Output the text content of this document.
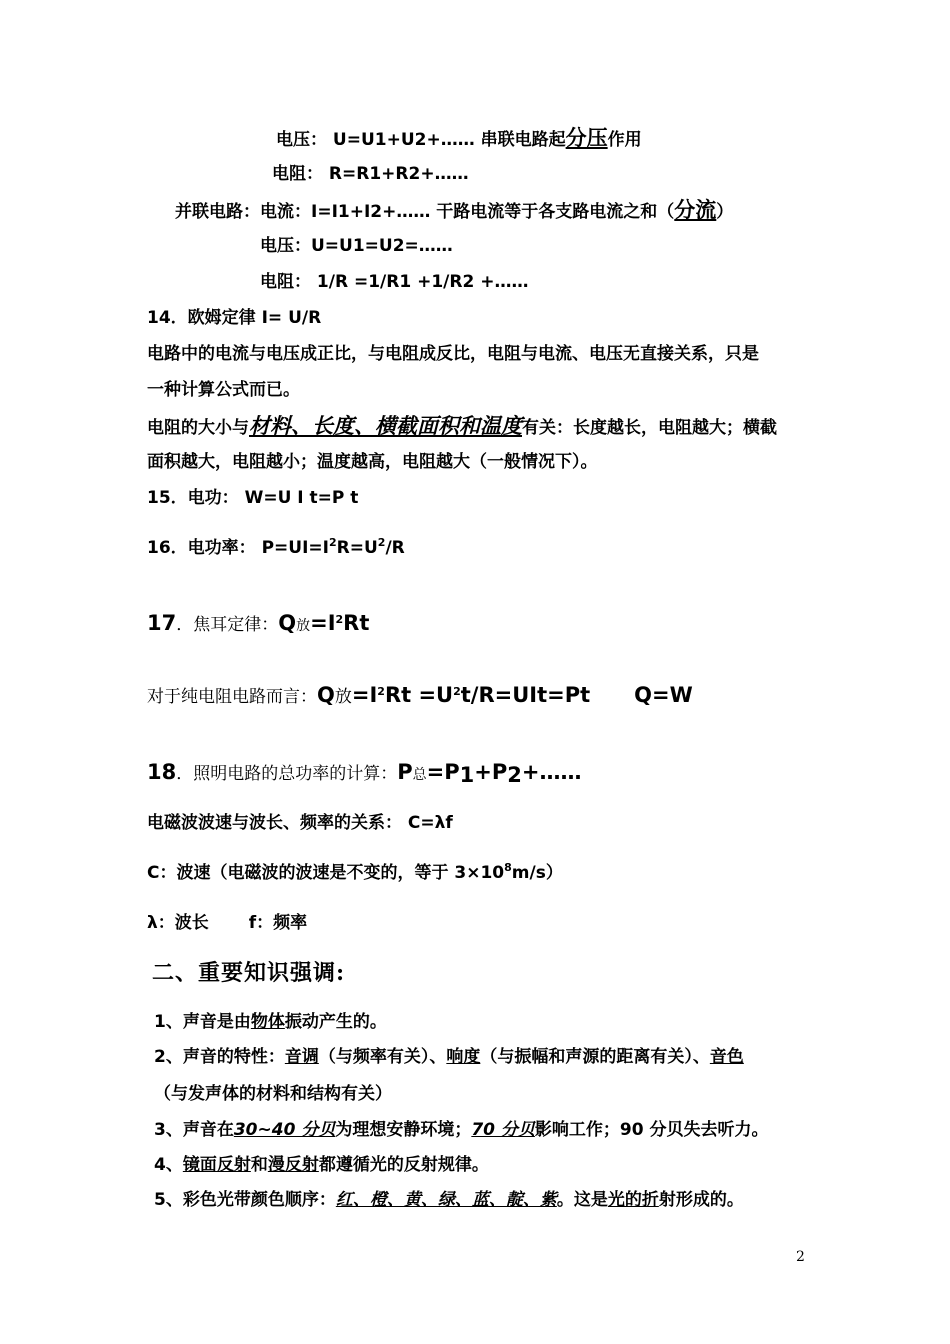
电压： U=U1+U2+…… 串联电路起分压作用
电阻： R=R1+R2+……
并联电路：电流：I=I1+I2+…… 干路电流等于各支路电流之和（分流）
电压：U=U1=U2=……
电阻： 1/R =1/R1 +1/R2 +……
14．欧姆定律 I= U/R
电路中的电流与电压成正比，与电阻成反比，电阻与电流、电压无直接关系，只是
一种计算公式而已。
电阻的大小与材料、长度、横截面积和温度有关：长度越长，电阻越大；横截
面积越大，电阻越小；温度越高，电阻越大（一般情况下）。
15．电功： W=U I t=P t
16．电功率： $P=UI=I^2R=U^2/R$
17．焦耳定律：Q放$=I^2Rt$
对于纯电阻电路而言：Q放$=I^2Rt =U^2t/R=UIt=Pt$ Q=W
18．照明电路的总功率的计算：P总=P1+P2+……
电磁波波速与波长、频率的关系： C=λf
C：波速（电磁波的波速是不变的，等于 $3\times 10^8m/s$）
λ：波长 f：频率
二、重要知识强调:
1、声音是由物体振动产生的。
2、声音的特性：音调（与频率有关）、响度（与振幅和声源的距离有关）、音色
（与发声体的材料和结构有关）
3、声音在30~40 分贝为理想安静环境；70 分贝影响工作；90 分贝失去听力。
4、镜面反射和漫反射都遵循光的反射规律。
5、彩色光带颜色顺序：红、橙、黄、绿、蓝、靛、紫。这是光的折射形成的。
2
